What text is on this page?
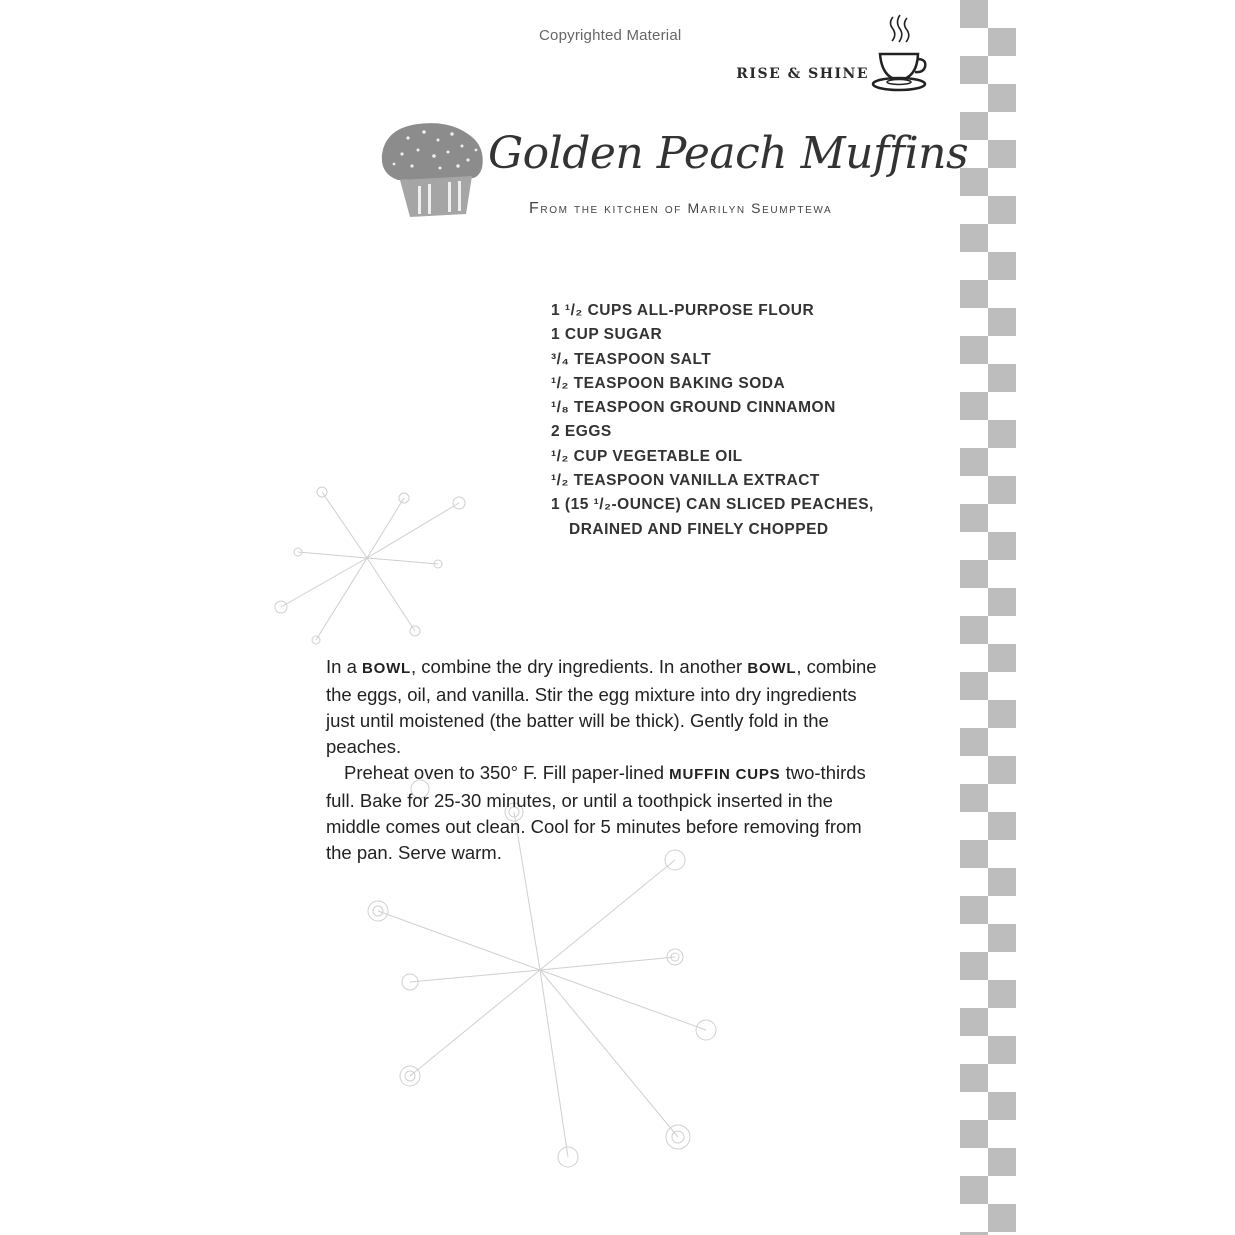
Copyrighted Material
RISE & SHINE
Golden Peach Muffins
From the kitchen of Marilyn Seumptewa
1 ¹/₂ CUPS ALL-PURPOSE FLOUR
1 CUP SUGAR
³/₄ TEASPOON SALT
¹/₂ TEASPOON BAKING SODA
¹/₈ TEASPOON GROUND CINNAMON
2 EGGS
¹/₂ CUP VEGETABLE OIL
¹/₂ TEASPOON VANILLA EXTRACT
1 (15 ¹/₂-OUNCE) CAN SLICED PEACHES,
DRAINED AND FINELY CHOPPED

In a BOWL, combine the dry ingredients. In another BOWL, combine the eggs, oil, and vanilla. Stir the egg mixture into dry ingredients just until moistened (the batter will be thick). Gently fold in the peaches.

Preheat oven to 350° F. Fill paper-lined MUFFIN CUPS two-thirds full. Bake for 25-30 minutes, or until a toothpick inserted in the middle comes out clean. Cool for 5 minutes before removing from the pan. Serve warm.
